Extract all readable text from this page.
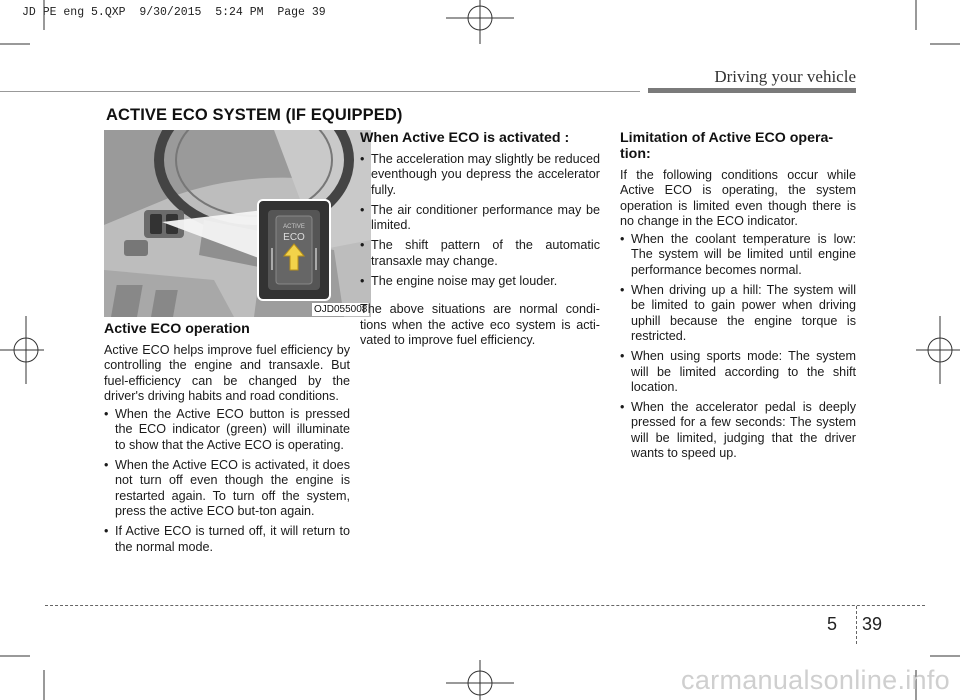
JD PE eng 5.QXP  9/30/2015  5:24 PM  Page 39
Driving your vehicle
ACTIVE ECO SYSTEM (IF EQUIPPED)
ACTIVE
ECO
OJD055008
Active ECO operation

Active ECO helps improve fuel efficiency by controlling the engine and transaxle. But fuel-efficiency can be changed by the driver's driving habits and road conditions.

• When the Active ECO button is pressed the ECO indicator (green) will illuminate to show that the Active ECO is operating.
• When the Active ECO is activated, it does not turn off even though the engine is restarted again. To turn off the system, press the active ECO but-ton again.
• If Active ECO is turned off, it will return to the normal mode.
When Active ECO is activated :
• The acceleration may slightly be reduced eventhough you depress the accelerator fully.
• The air conditioner performance may be limited.
• The shift pattern of the automatic transaxle may change.
• The engine noise may get louder.

The above situations are normal condi-tions when the active eco system is acti-vated to improve fuel efficiency.

Limitation of Active ECO opera-tion:

If the following conditions occur while Active ECO is operating, the system operation is limited even though there is no change in the ECO indicator.

• When the coolant temperature is low: The system will be limited until engine performance becomes normal.
• When driving up a hill: The system will be limited to gain power when driving uphill because the engine torque is restricted.
• When using sports mode: The system will be limited according to the shift location.
• When the accelerator pedal is deeply pressed for a few seconds: The system will be limited, judging that the driver wants to speed up.
5 39
carmanualsonline.info
